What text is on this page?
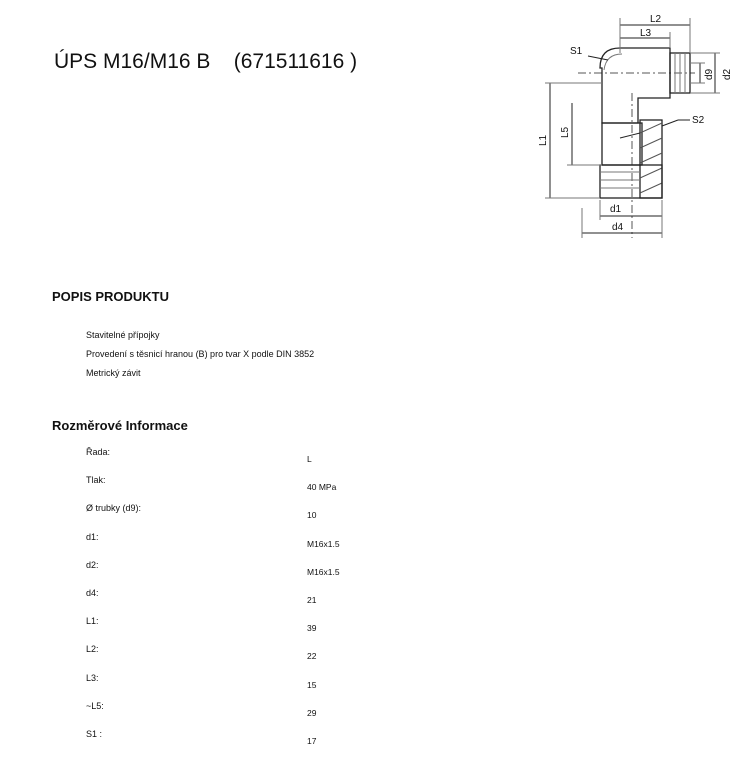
ÚPS M16/M16 B    (671511616 )
L2
L3
S1
S2
d1
d4
d9 d2
L5
L1
POPIS PRODUKTU
Stavitelné přípojky
Provedení s těsnicí hranou (B) pro tvar X podle DIN 3852
Metrický závit
Rozměrové Informace
Řada:
L
Tlak:
40 MPa
Ø trubky (d9):
10
d1:
M16x1.5
d2:
M16x1.5
d4:
21
L1:
39
L2:
22
L3:
15
~L5:
29
S1 :
17
